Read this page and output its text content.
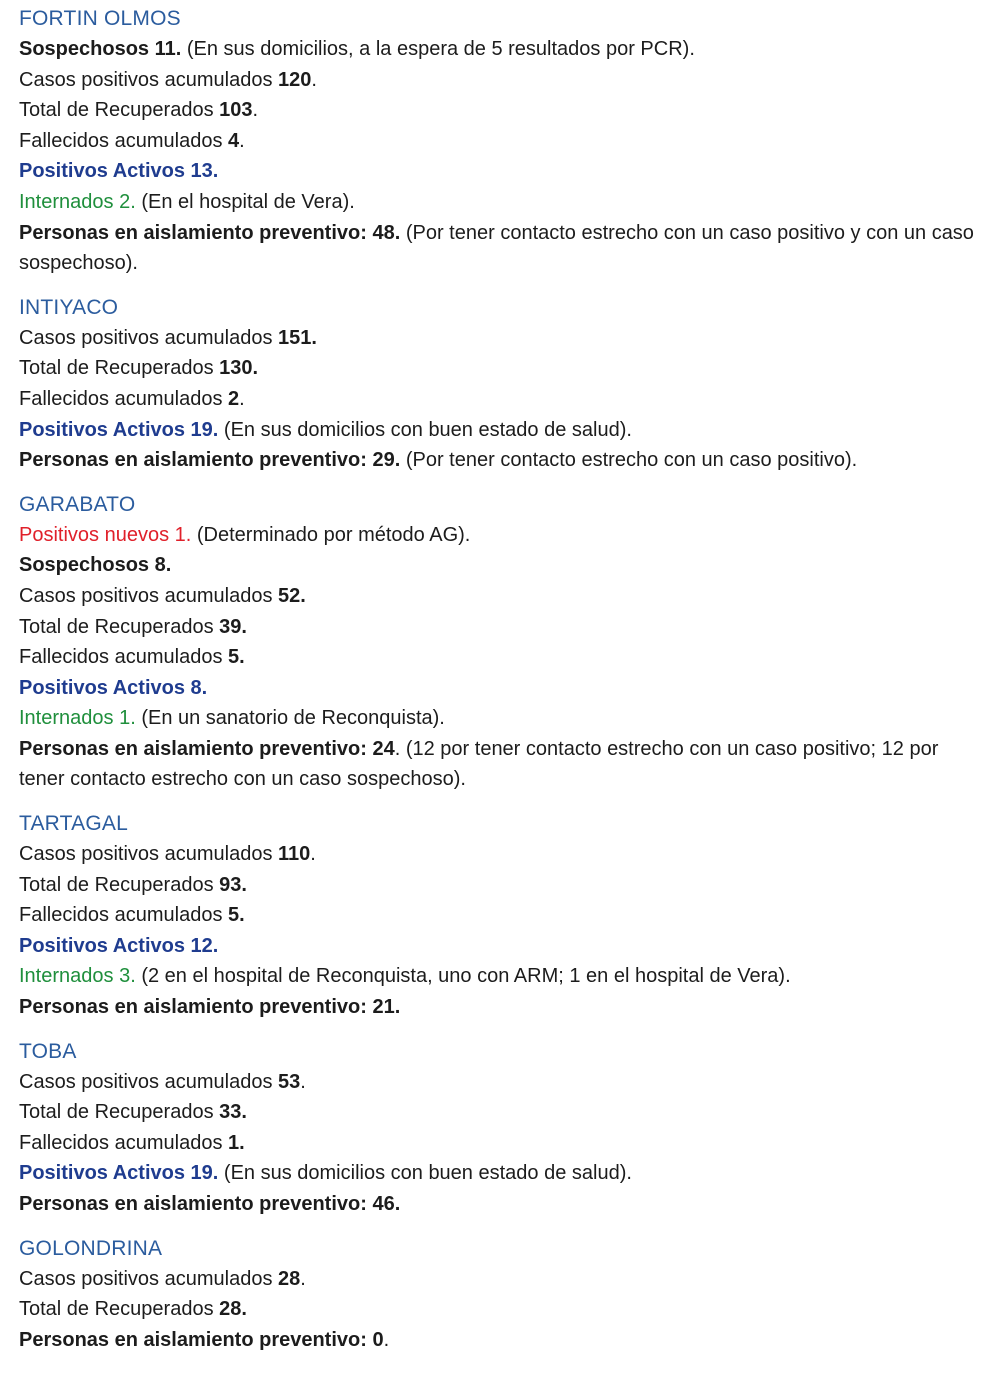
FORTIN OLMOS
Sospechosos 11. (En sus domicilios, a la espera de 5 resultados por PCR).
Casos positivos acumulados 120.
Total de Recuperados 103.
Fallecidos acumulados 4.
Positivos Activos 13.
Internados 2. (En el hospital de Vera).
Personas en aislamiento preventivo: 48. (Por tener contacto estrecho con un caso positivo y con un caso sospechoso).
INTIYACO
Casos positivos acumulados 151.
Total de Recuperados 130.
Fallecidos acumulados 2.
Positivos Activos 19. (En sus domicilios con buen estado de salud).
Personas en aislamiento preventivo: 29. (Por tener contacto estrecho con un caso positivo).
GARABATO
Positivos nuevos 1. (Determinado por método AG).
Sospechosos 8.
Casos positivos acumulados 52.
Total de Recuperados 39.
Fallecidos acumulados 5.
Positivos Activos 8.
Internados 1. (En un sanatorio de Reconquista).
Personas en aislamiento preventivo: 24. (12 por tener contacto estrecho con un caso positivo; 12 por tener contacto estrecho con un caso sospechoso).
TARTAGAL
Casos positivos acumulados 110.
Total de Recuperados 93.
Fallecidos acumulados 5.
Positivos Activos 12.
Internados 3. (2 en el hospital de Reconquista, uno con ARM; 1 en el hospital de Vera).
Personas en aislamiento preventivo: 21.
TOBA
Casos positivos acumulados 53.
Total de Recuperados 33.
Fallecidos acumulados 1.
Positivos Activos 19. (En sus domicilios con buen estado de salud).
Personas en aislamiento preventivo: 46.
GOLONDRINA
Casos positivos acumulados 28.
Total de Recuperados 28.
Personas en aislamiento preventivo: 0.
